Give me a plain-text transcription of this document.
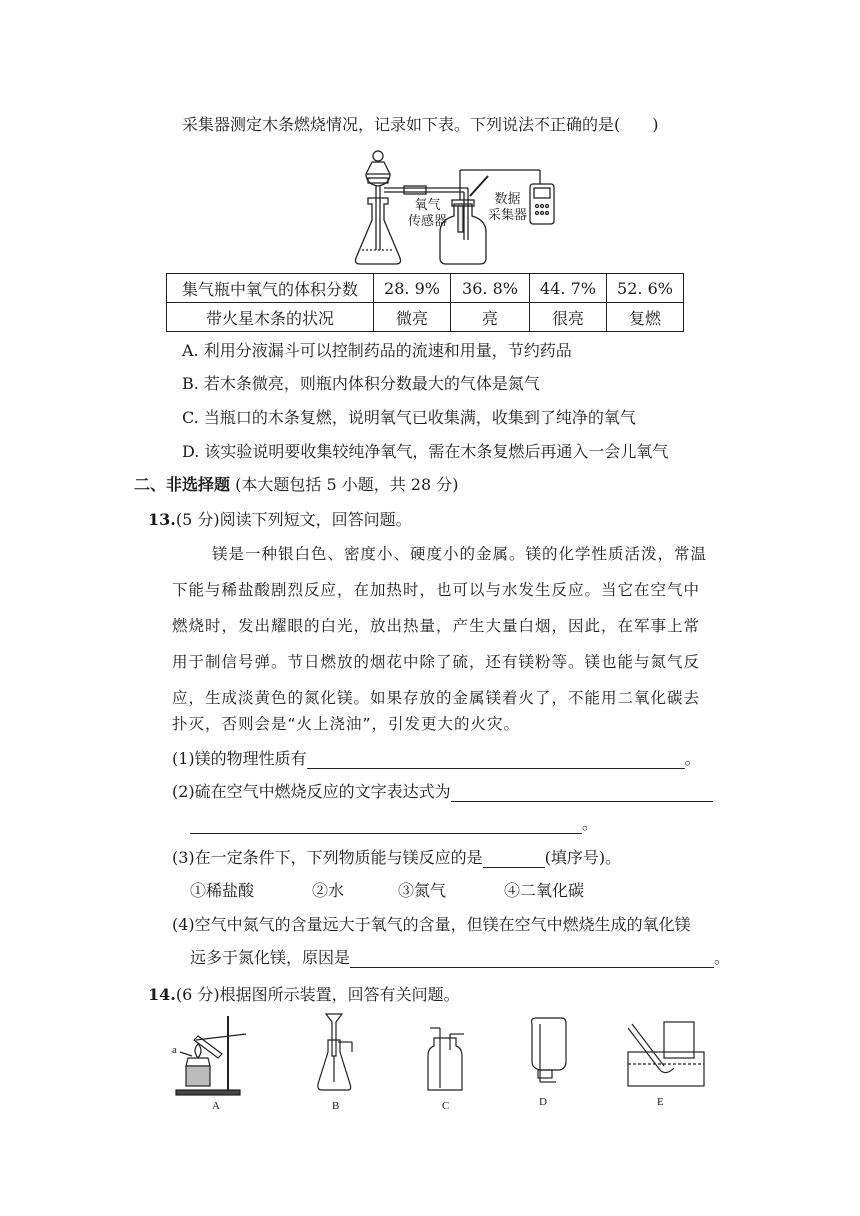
采集器测定木条燃烧情况，记录如下表。下列说法不正确的是(　　)
氧气
传感器
数据
采集器
集气瓶中氧气的体积分数	28. 9%	36. 8%	44. 7%	52. 6%
带火星木条的状况	微亮	亮	很亮	复燃
A. 利用分液漏斗可以控制药品的流速和用量，节约药品
B. 若木条微亮，则瓶内体积分数最大的气体是氮气
C. 当瓶口的木条复燃，说明氧气已收集满，收集到了纯净的氧气
D. 该实验说明要收集较纯净氧气，需在木条复燃后再通入一会儿氧气
二、非选择题 (本大题包括 5 小题，共 28 分)
13.(5 分)阅读下列短文，回答问题。
镁是一种银白色、密度小、硬度小的金属。镁的化学性质活泼，常温
下能与稀盐酸剧烈反应，在加热时，也可以与水发生反应。当它在空气中
燃烧时，发出耀眼的白光，放出热量，产生大量白烟，因此，在军事上常
用于制信号弹。节日燃放的烟花中除了硫，还有镁粉等。镁也能与氮气反
应，生成淡黄色的氮化镁。如果存放的金属镁着火了，不能用二氧化碳去
扑灭，否则会是“火上浇油”，引发更大的火灾。
(1)镁的物理性质有	。
(2)硫在空气中燃烧反应的文字表达式为
。
(3)在一定条件下，下列物质能与镁反应的是	(填序号)。
①稀盐酸	②水	③氮气	④二氧化碳
(4)空气中氮气的含量远大于氧气的含量，但镁在空气中燃烧生成的氧化镁
远多于氮化镁，原因是	。
14.(6 分)根据图所示装置，回答有关问题。
a
A	B	C	D	E
